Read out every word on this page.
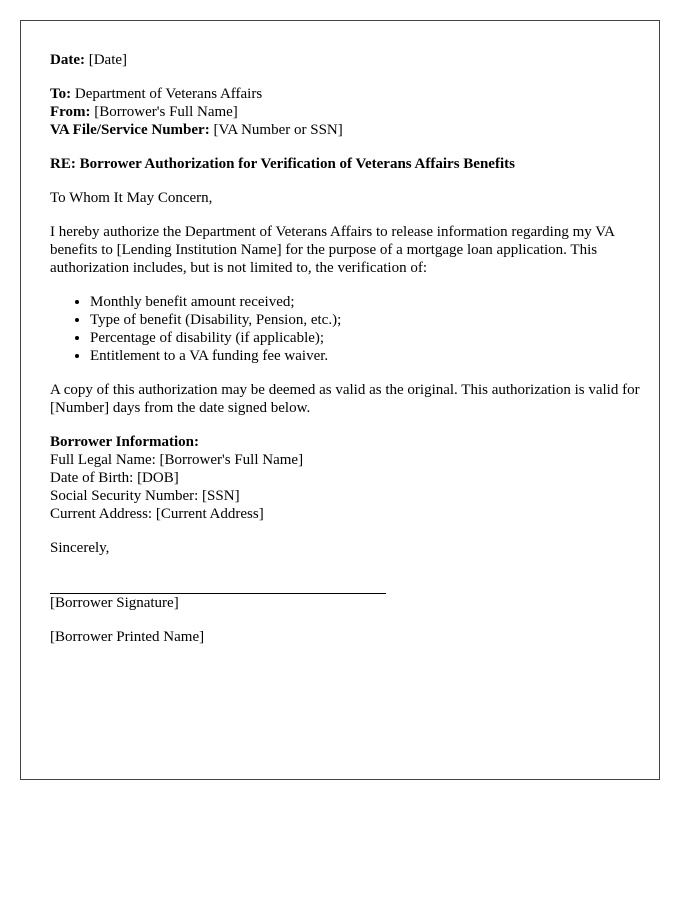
Date: [Date]

To: Department of Veterans Affairs

From: [Borrower's Full Name]

VA File/Service Number: [VA Number or SSN]

RE: Borrower Authorization for Verification of Veterans Affairs Benefits

To Whom It May Concern,

I hereby authorize the Department of Veterans Affairs to release information regarding my VA benefits to [Lending Institution Name] for the purpose of a mortgage loan application. This authorization includes, but is not limited to, the verification of:

• Monthly benefit amount received;
• Type of benefit (Disability, Pension, etc.);
• Percentage of disability (if applicable);
• Entitlement to a VA funding fee waiver.

A copy of this authorization may be deemed as valid as the original. This authorization is valid for [Number] days from the date signed below.

Borrower Information:

Full Legal Name: [Borrower's Full Name]

Date of Birth: [DOB]

Social Security Number: [SSN]

Current Address: [Current Address]

Sincerely,

[Borrower Signature]

[Borrower Printed Name]
